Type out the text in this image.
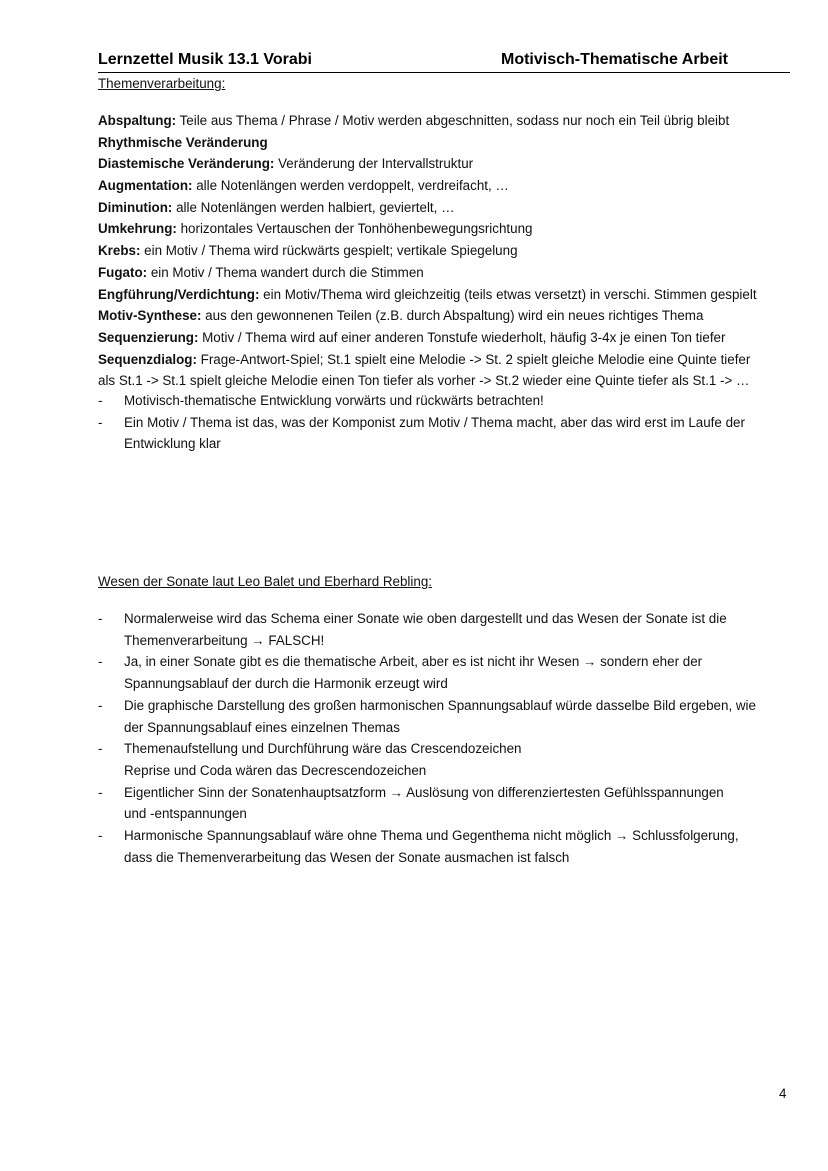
Lernzettel Musik 13.1 Vorabi	Motivisch-Thematische Arbeit
Themenverarbeitung:
Abspaltung: Teile aus Thema / Phrase / Motiv werden abgeschnitten, sodass nur noch ein Teil übrig bleibt
Rhythmische Veränderung
Diastemische Veränderung: Veränderung der Intervallstruktur
Augmentation: alle Notenlängen werden verdoppelt, verdreifacht, …
Diminution: alle Notenlängen werden halbiert, geviertelt, …
Umkehrung: horizontales Vertauschen der Tonhöhenbewegungsrichtung
Krebs: ein Motiv / Thema wird rückwärts gespielt; vertikale Spiegelung
Fugato: ein Motiv / Thema wandert durch die Stimmen
Engführung/Verdichtung: ein Motiv/Thema wird gleichzeitig (teils etwas versetzt) in verschi. Stimmen gespielt
Motiv-Synthese: aus den gewonnenen Teilen (z.B. durch Abspaltung) wird ein neues richtiges Thema
Sequenzierung: Motiv / Thema wird auf einer anderen Tonstufe wiederholt, häufig 3-4x je einen Ton tiefer
Sequenzdialog: Frage-Antwort-Spiel; St.1 spielt eine Melodie -> St. 2 spielt gleiche Melodie eine Quinte tiefer
als St.1 -> St.1 spielt gleiche Melodie einen Ton tiefer als vorher -> St.2 wieder eine Quinte tiefer als St.1 -> …
- Motivisch-thematische Entwicklung vorwärts und rückwärts betrachten!
- Ein Motiv / Thema ist das, was der Komponist zum Motiv / Thema macht, aber das wird erst im Laufe der
Entwicklung klar
Wesen der Sonate laut Leo Balet und Eberhard Rebling:
- Normalerweise wird das Schema einer Sonate wie oben dargestellt und das Wesen der Sonate ist die
Themenverarbeitung → FALSCH!
- Ja, in einer Sonate gibt es die thematische Arbeit, aber es ist nicht ihr Wesen → sondern eher der
Spannungsablauf der durch die Harmonik erzeugt wird
- Die graphische Darstellung des großen harmonischen Spannungsablauf würde dasselbe Bild ergeben, wie
der Spannungsablauf eines einzelnen Themas
- Themenaufstellung und Durchführung wäre das Crescendozeichen
Reprise und Coda wären das Decrescendozeichen
- Eigentlicher Sinn der Sonatenhauptsatzform → Auslösung von differenziertesten Gefühlsspannungen
und -entspannungen
- Harmonische Spannungsablauf wäre ohne Thema und Gegenthema nicht möglich → Schlussfolgerung,
dass die Themenverarbeitung das Wesen der Sonate ausmachen ist falsch
4
